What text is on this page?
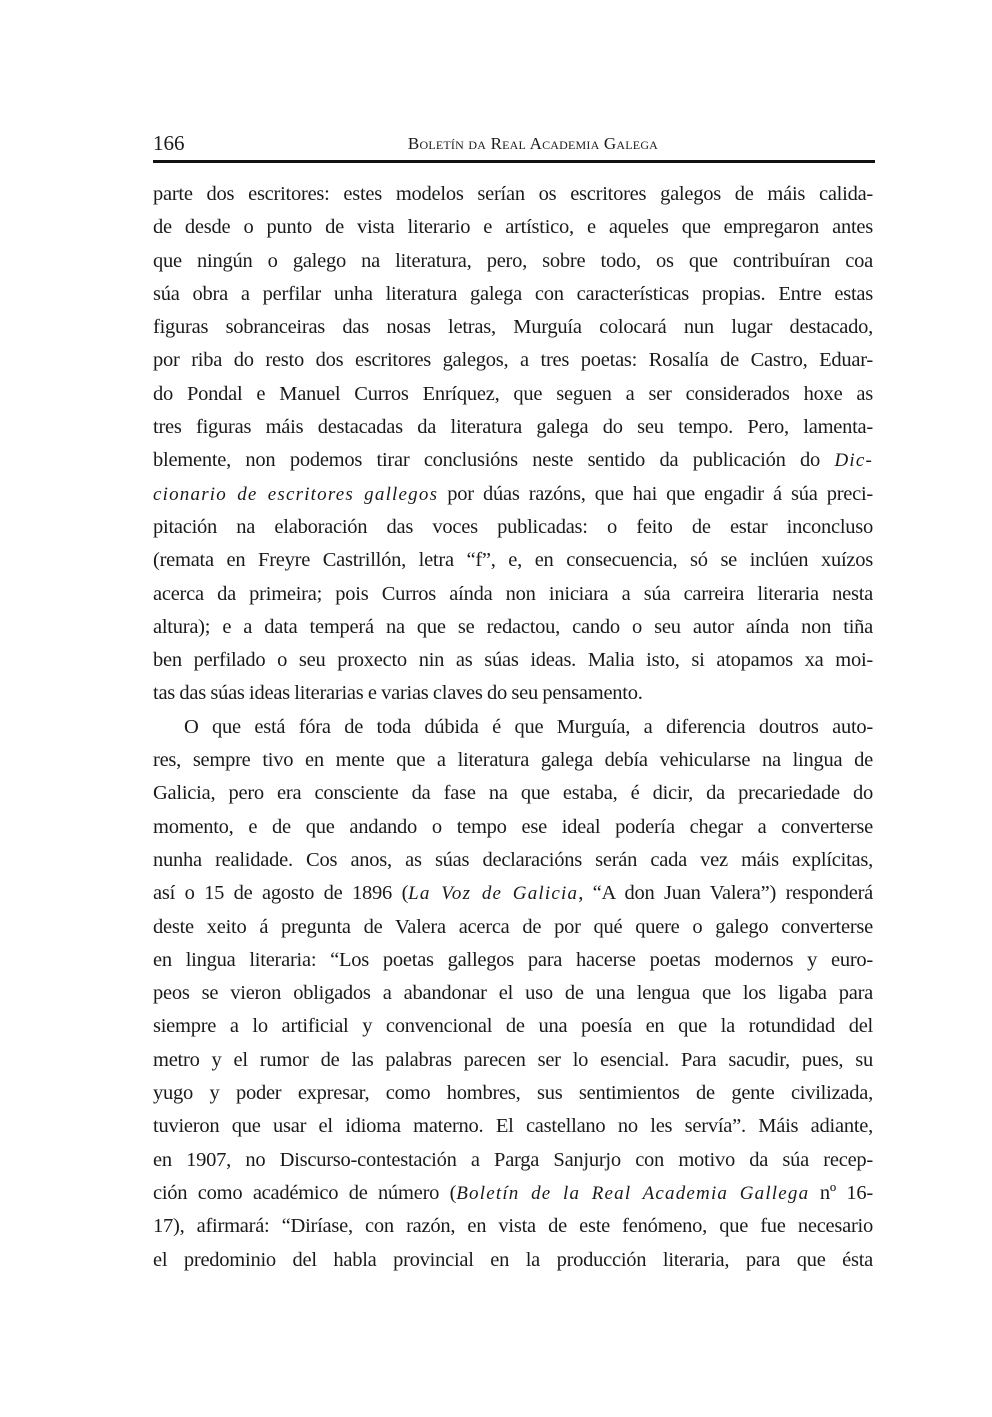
166	Boletín da Real Academia Galega
parte dos escritores: estes modelos serían os escritores galegos de máis calida-
de desde o punto de vista literario e artístico, e aqueles que empregaron antes
que ningún o galego na literatura, pero, sobre todo, os que contribuíran coa
súa obra a perfilar unha literatura galega con características propias. Entre estas
figuras sobranceiras das nosas letras, Murguía colocará nun lugar destacado,
por riba do resto dos escritores galegos, a tres poetas: Rosalía de Castro, Eduar-
do Pondal e Manuel Curros Enríquez, que seguen a ser considerados hoxe as
tres figuras máis destacadas da literatura galega do seu tempo. Pero, lamenta-
blemente, non podemos tirar conclusións neste sentido da publicación do Dic-
cionario de escritores gallegos por dúas razóns, que hai que engadir á súa preci-
pitación na elaboración das voces publicadas: o feito de estar inconcluso
(remata en Freyre Castrillón, letra “f”, e, en consecuencia, só se inclúen xuízos
acerca da primeira; pois Curros aínda non iniciara a súa carreira literaria nesta
altura); e a data temperá na que se redactou, cando o seu autor aínda non tiña
ben perfilado o seu proxecto nin as súas ideas. Malia isto, si atopamos xa moi-
tas das súas ideas literarias e varias claves do seu pensamento.
O que está fóra de toda dúbida é que Murguía, a diferencia doutros auto-
res, sempre tivo en mente que a literatura galega debía vehicularse na lingua de
Galicia, pero era consciente da fase na que estaba, é dicir, da precariedade do
momento, e de que andando o tempo ese ideal podería chegar a converterse
nunha realidade. Cos anos, as súas declaracións serán cada vez máis explícitas,
así o 15 de agosto de 1896 (La Voz de Galicia, “A don Juan Valera”) responderá
deste xeito á pregunta de Valera acerca de por qué quere o galego converterse
en lingua literaria: “Los poetas gallegos para hacerse poetas modernos y euro-
peos se vieron obligados a abandonar el uso de una lengua que los ligaba para
siempre a lo artificial y convencional de una poesía en que la rotundidad del
metro y el rumor de las palabras parecen ser lo esencial. Para sacudir, pues, su
yugo y poder expresar, como hombres, sus sentimientos de gente civilizada,
tuvieron que usar el idioma materno. El castellano no les servía”. Máis adiante,
en 1907, no Discurso-contestación a Parga Sanjurjo con motivo da súa recep-
ción como académico de número (Boletín de la Real Academia Gallega nº 16-
17), afirmará: “Diríase, con razón, en vista de este fenómeno, que fue necesario
el predominio del habla provincial en la producción literaria, para que ésta
